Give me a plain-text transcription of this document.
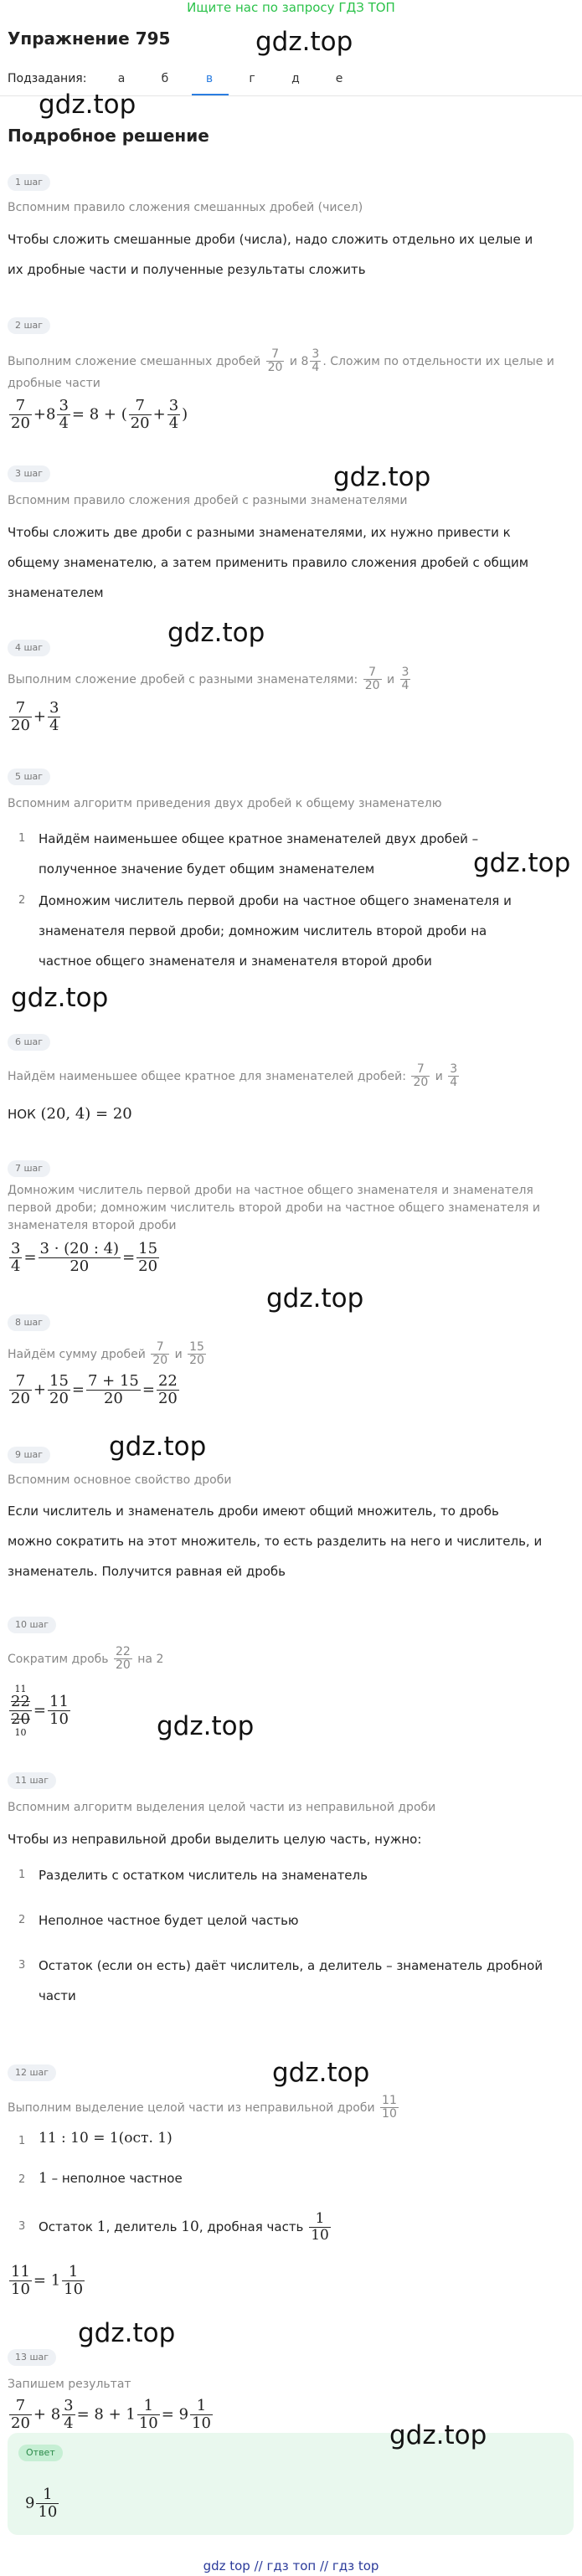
Ищите нас по запросу ГДЗ ТОП
gdz.top
Упражнение 795
Подзадания:	а	б	в	г	д	е
gdz.top
Подробное решение
1 шаг
Вспомним правило сложения смешанных дробей (чисел)
Чтобы сложить смешанные дроби (числа), надо сложить отдельно их целые и
их дробные части и полученные результаты сложить
2 шаг
Выполним сложение смешанных дробей $\frac{7}{20}$ и $8 \frac{3}{4}$ . Сложим по отдельности их целые и
дробные части
$\frac{7}{20} +8 \frac{3}{4} = 8$ + ( $\frac{7}{20} + \frac{3}{4}$ )
3 шаг	gdz.top
Вспомним правило сложения дробей с разными знаменателями
Чтобы сложить две дроби с разными знаменателями, их нужно привести к
общему знаменателю, а затем применить правило сложения дробей с общим
знаменателем
gdz.top
4 шаг
Выполним сложение дробей с разными знаменателями: $\frac{7}{20}$ и $\frac{3}{4}$
$\frac{7}{20} + \frac{3}{4}$
5 шаг
Вспомним алгоритм приведения двух дробей к общему знаменателю
1 Найдём наименьшее общее кратное знаменателей двух дробей –
полученное значение будет общим знаменателем	gdz.top
2 Домножим числитель первой дроби на частное общего знаменателя и
знаменателя первой дроби; домножим числитель второй дроби на
частное общего знаменателя и знаменателя второй дроби
gdz.top
6 шаг
Найдём наименьшее общее кратное для знаменателей дробей: $\frac{7}{20}$ и $\frac{3}{4}$
НОК (20, 4) = 20
7 шаг
Домножим числитель первой дроби на частное общего знаменателя и знаменателя
первой дроби; домножим числитель второй дроби на частное общего знаменателя и
знаменателя второй дроби
$\frac{3}{4} = \frac{3 \cdot (20 : 4)}{20} = \frac{15}{20}$
gdz.top
8 шаг
Найдём сумму дробей $\frac{7}{20}$ и $\frac{15}{20}$
$\frac{7}{20} + \frac{15}{20} = \frac{7 + 15}{20} = \frac{22}{20}$
gdz.top
9 шаг
Вспомним основное свойство дроби
Если числитель и знаменатель дроби имеют общий множитель, то дробь
можно сократить на этот множитель, то есть разделить на него и числитель, и
знаменатель. Получится равная ей дробь
10 шаг
Сократим дробь $\frac{22}{20}$ на 2
11
22
20
10
= $\frac{11}{10}$	gdz.top
11 шаг
Вспомним алгоритм выделения целой части из неправильной дроби
Чтобы из неправильной дроби выделить целую часть, нужно:
1 Разделить с остатком числитель на знаменатель
2 Неполное частное будет целой частью
3 Остаток (если он есть) даёт числитель, а делитель – знаменатель дробной
части
12 шаг	gdz.top
Выполним выделение целой части из неправильной дроби $\frac{11}{10}$
1 11 : 10 = 1(ост. 1)
2 1 – неполное частное
3 Остаток 1, делитель 10, дробная часть $\frac{1}{10}$
$\frac{11}{10} = 1 \frac{1}{10}$
gdz.top
13 шаг
Запишем результат
$\frac{7}{20} + 8 \frac{3}{4} = 8 + 1 \frac{1}{10} = 9 \frac{1}{10}$
Ответ
gdz.top
$9 \frac{1}{10}$
gdz top // гдз топ // гдз top
